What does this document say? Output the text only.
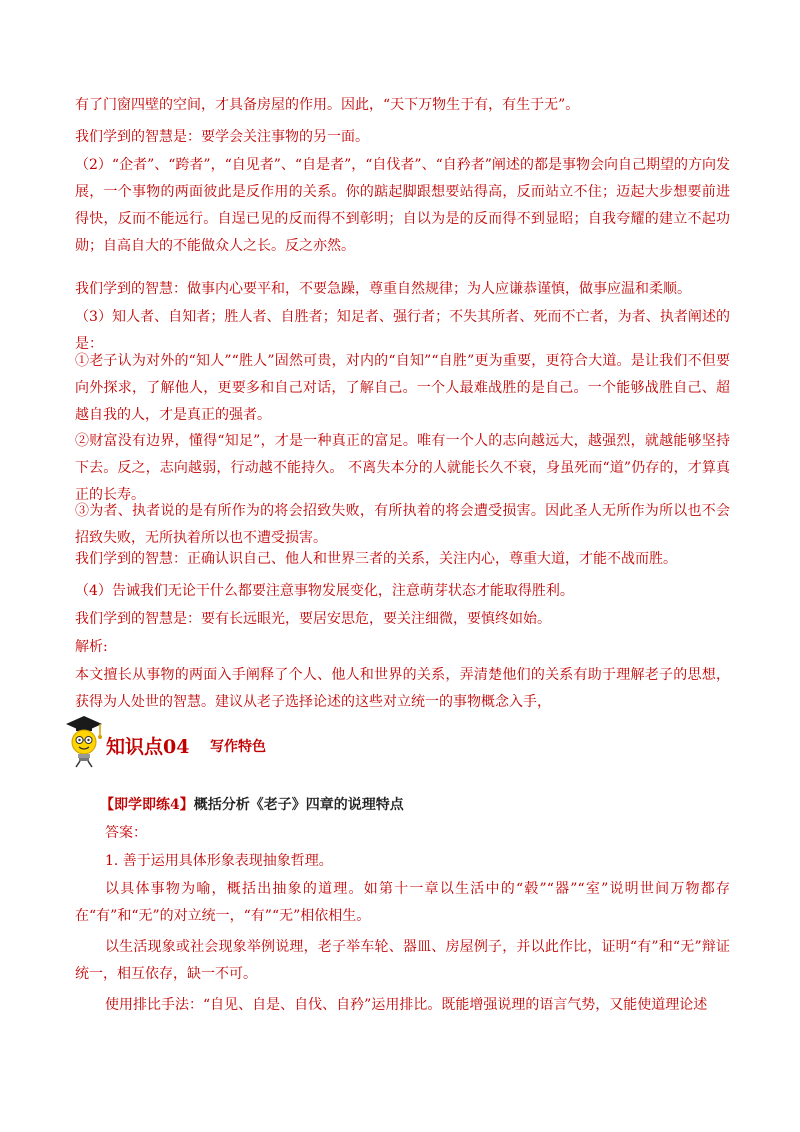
有了门窗四壁的空间，才具备房屋的作用。因此，“天下万物生于有，有生于无”。

我们学到的智慧是：要学会关注事物的另一面。

（2）“企者”、“跨者”，“自见者”、“自是者”，“自伐者”、“自矜者”阐述的都是事物会向自己期望的方向发展，一个事物的两面彼此是反作用的关系。你的踮起脚跟想要站得高，反而站立不住；迈起大步想要前进得快，反而不能远行。自逞已见的反而得不到彰明；自以为是的反而得不到显昭；自我夸耀的建立不起功勋；自高自大的不能做众人之长。反之亦然。

我们学到的智慧：做事内心要平和，不要急躁，尊重自然规律；为人应谦恭谨慎，做事应温和柔顺。

（3）知人者、自知者；胜人者、自胜者；知足者、强行者；不失其所者、死而不亡者，为者、执者阐述的是：

①老子认为对外的“知人”“胜人”固然可贵，对内的“自知”“自胜”更为重要，更符合大道。是让我们不但要向外探求，了解他人，更要多和自己对话，了解自己。一个人最难战胜的是自己。一个能够战胜自己、超越自我的人，才是真正的强者。

②财富没有边界，懂得“知足”，才是一种真正的富足。唯有一个人的志向越远大，越强烈，就越能够坚持下去。反之，志向越弱，行动越不能持久。 不离失本分的人就能长久不衰，身虽死而“道”仍存的，才算真正的长寿。

③为者、执者说的是有所作为的将会招致失败，有所执着的将会遭受损害。因此圣人无所作为所以也不会招致失败，无所执着所以也不遭受损害。

我们学到的智慧：正确认识自己、他人和世界三者的关系，关注内心，尊重大道，才能不战而胜。

（4）告诫我们无论干什么都要注意事物发展变化，注意萌芽状态才能取得胜利。

我们学到的智慧是：要有长远眼光，要居安思危，要关注细微，要慎终如始。

解析:

本文擅长从事物的两面入手阐释了个人、他人和世界的关系，弄清楚他们的关系有助于理解老子的思想，获得为人处世的智慧。建议从老子选择论述的这些对立统一的事物概念入手，

知识点04 写作特色
【即学即练4】概括分析《老子》四章的说理特点

答案：

1. 善于运用具体形象表现抽象哲理。

以具体事物为喻，概括出抽象的道理。如第十一章以生活中的“毂”“器”“室”说明世间万物都存在“有”和“无”的对立统一，“有”“无”相依相生。

以生活现象或社会现象举例说理，老子举车轮、器皿、房屋例子，并以此作比，证明“有”和“无”辩证统一，相互依存，缺一不可。

使用排比手法：“自见、自是、自伐、自矜”运用排比。既能增强说理的语言气势，又能使道理论述
